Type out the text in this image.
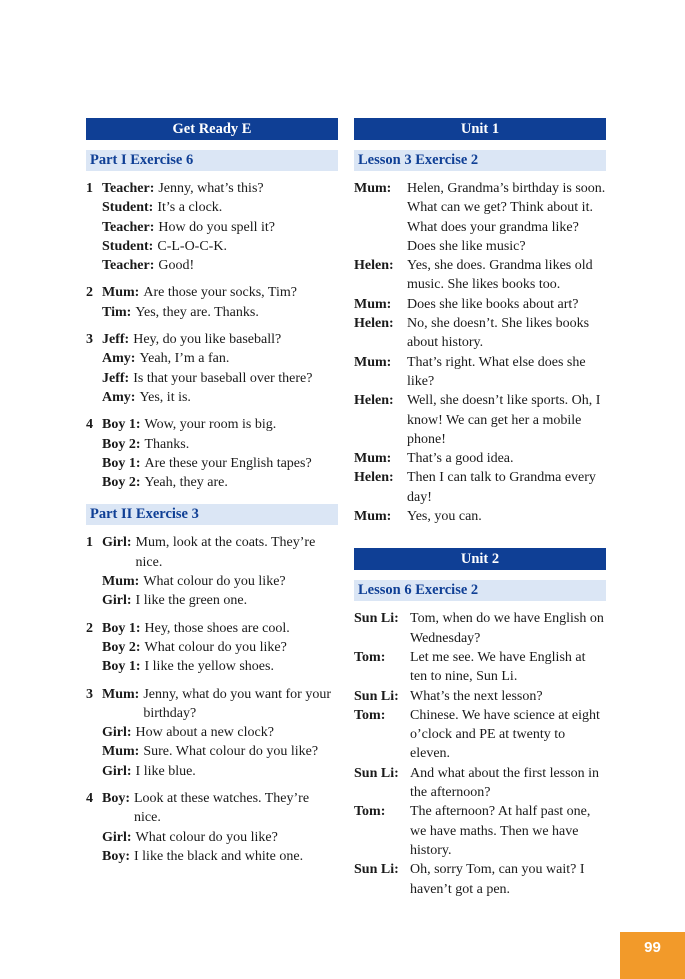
Get Ready E
Part I Exercise 6
1 Teacher: Jenny, what’s this?
Student: It’s a clock.
Teacher: How do you spell it?
Student: C-L-O-C-K.
Teacher: Good!
2 Mum: Are those your socks, Tim?
Tim: Yes, they are. Thanks.
3 Jeff: Hey, do you like baseball?
Amy: Yeah, I’m a fan.
Jeff: Is that your baseball over there?
Amy: Yes, it is.
4 Boy 1: Wow, your room is big.
Boy 2: Thanks.
Boy 1: Are these your English tapes?
Boy 2: Yeah, they are.
Part II Exercise 3
1 Girl: Mum, look at the coats. They’re nice.
Mum: What colour do you like?
Girl: I like the green one.
2 Boy 1: Hey, those shoes are cool.
Boy 2: What colour do you like?
Boy 1: I like the yellow shoes.
3 Mum: Jenny, what do you want for your birthday?
Girl: How about a new clock?
Mum: Sure. What colour do you like?
Girl: I like blue.
4 Boy: Look at these watches. They’re nice.
Girl: What colour do you like?
Boy: I like the black and white one.
Unit 1
Lesson 3 Exercise 2
Mum:	Helen, Grandma’s birthday is soon. What can we get? Think about it. What does your grandma like? Does she like music?
Helen: Yes, she does. Grandma likes old music. She likes books too.
Mum:	Does she like books about art?
Helen: No, she doesn’t. She likes books about history.
Mum:	That’s right. What else does she like?
Helen: Well, she doesn’t like sports. Oh, I know! We can get her a mobile phone!
Mum:	That’s a good idea.
Helen: Then I can talk to Grandma every day!
Mum:	Yes, you can.
Unit 2
Lesson 6 Exercise 2
Sun Li: Tom, when do we have English on Wednesday?
Tom:	Let me see. We have English at ten to nine, Sun Li.
Sun Li: What’s the next lesson?
Tom:	Chinese. We have science at eight o’clock and PE at twenty to eleven.
Sun Li: And what about the first lesson in the afternoon?
Tom:	The afternoon? At half past one, we have maths. Then we have history.
Sun Li: Oh, sorry Tom, can you wait? I haven’t got a pen.
99
